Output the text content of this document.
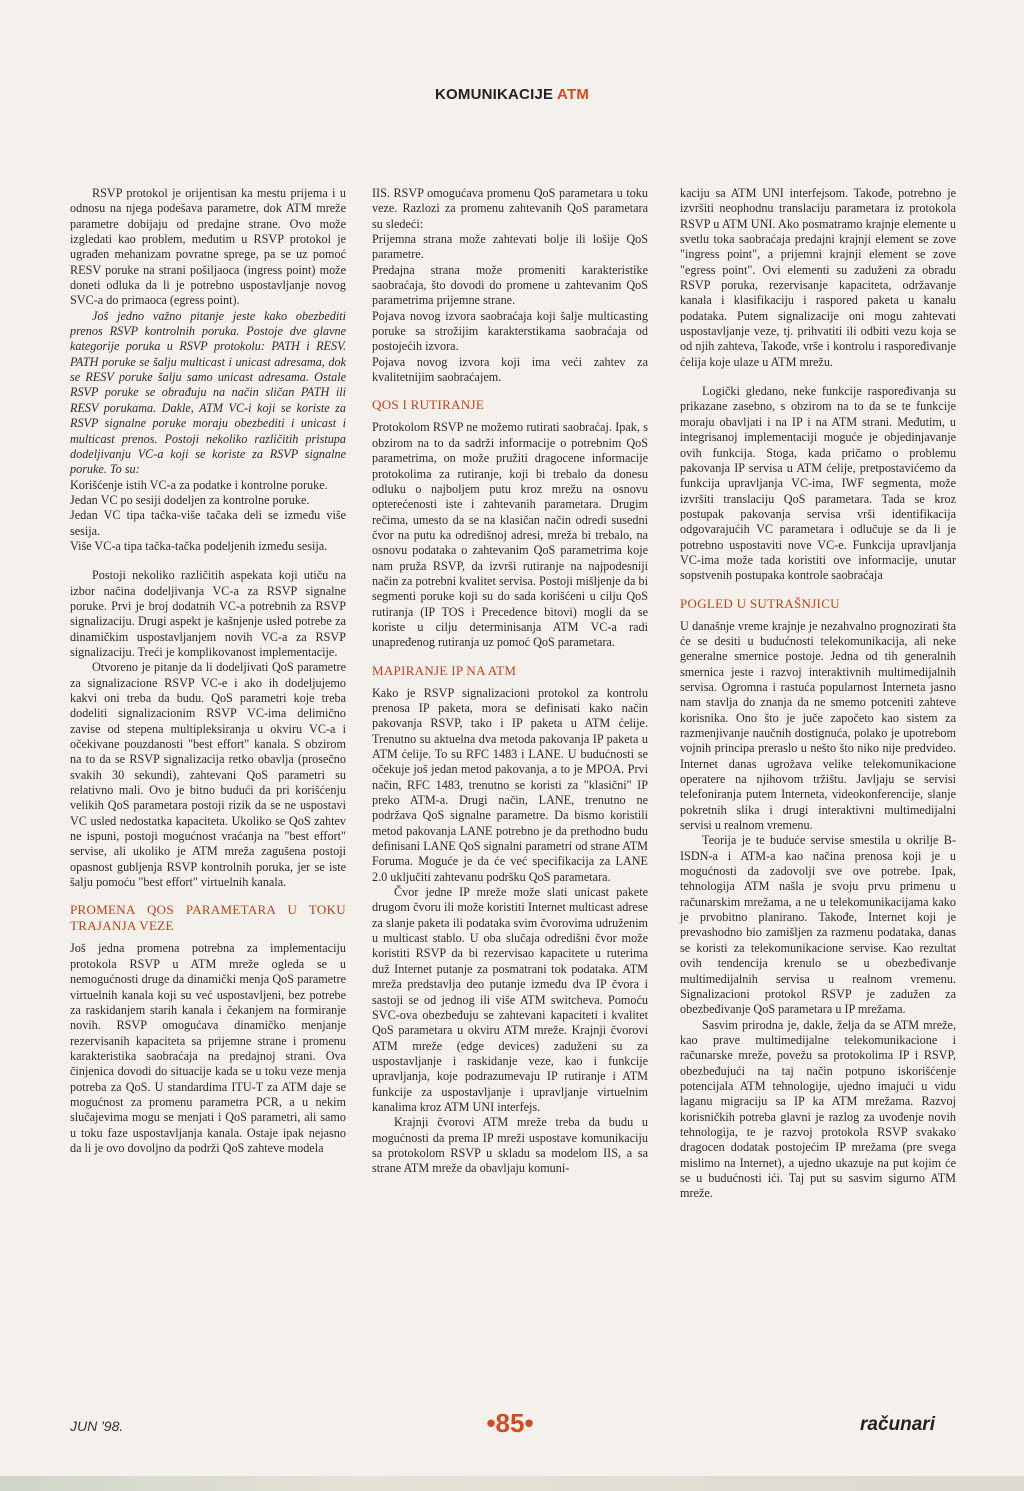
KOMUNIKACIJE ATM

RSVP protokol je orijentisan ka mestu prijema i u odnosu na njega podešava parametre, dok ATM mreže parametre dobijaju od predajne strane. Ovo može izgledati kao problem, međutim u RSVP protokol je ugrađen mehanizam povratne sprege, pa se uz pomoć RESV poruke na strani pošiljaoca (ingress point) može doneti odluka da li je potrebno uspostavljanje novog SVC-a do primaoca (egress point).

Još jedno važno pitanje jeste kako obezbediti prenos RSVP kontrolnih poruka. Postoje dve glavne kategorije poruka u RSVP protokolu: PATH i RESV. PATH poruke se šalju multicast i unicast adresama, dok se RESV poruke šalju samo unicast adresama. Ostale RSVP poruke se obrađuju na način sličan PATH ili RESV porukama. Dakle, ATM VC-i koji se koriste za RSVP signalne poruke moraju obezbediti i unicast i multicast prenos. Postoji nekoliko različitih pristupa dodeljivanju VC-a koji se koriste za RSVP signalne poruke. To su:

Korišćenje istih VC-a za podatke i kontrolne poruke.

Jedan VC po sesiji dodeljen za kontrolne poruke.

Jedan VC tipa tačka-više tačaka deli se između više sesija.

Više VC-a tipa tačka-tačka podeljenih između sesija.

Postoji nekoliko različitih aspekata koji utiču na izbor načina dodeljivanja VC-a za RSVP signalne poruke. Prvi je broj dodatnih VC-a potrebnih za RSVP signalizaciju. Drugi aspekt je kašnjenje usled potrebe za dinamičkim uspostavljanjem novih VC-a za RSVP signalizaciju. Treći je komplikovanost implementacije.

Otvoreno je pitanje da li dodeljivati QoS parametre za signalizacione RSVP VC-e i ako ih dodeljujemo kakvi oni treba da budu. QoS parametri koje treba dodeliti signalizacionim RSVP VC-ima delimično zavise od stepena multipleksiranja u okviru VC-a i očekivane pouzdanosti "best effort" kanala. S obzirom na to da se RSVP signalizacija retko obavlja (prosečno svakih 30 sekundi), zahtevani QoS parametri su relativno mali. Ovo je bitno budući da pri korišćenju velikih QoS parametara postoji rizik da se ne uspostavi VC usled nedostatka kapaciteta. Ukoliko se QoS zahtev ne ispuni, postoji mogućnost vraćanja na "best effort" servise, ali ukoliko je ATM mreža zagušena postoji opasnost gubljenja RSVP kontrolnih poruka, jer se iste šalju pomoću "best effort" virtuelnih kanala.

PROMENA QOS PARAMETARA U TOKU TRAJANJA VEZE

Još jedna promena potrebna za implementaciju protokola RSVP u ATM mreže ogleda se u nemogućnosti druge da dinamički menja QoS parametre virtuelnih kanala koji su već uspostavljeni, bez potrebe za raskidanjem starih kanala i čekanjem na formiranje novih. RSVP omogućava dinamičko menjanje rezervisanih kapaciteta sa prijemne strane i promenu karakteristika saobraćaja na predajnoj strani. Ova činjenica dovodi do situacije kada se u toku veze menja potreba za QoS. U standardima ITU-T za ATM daje se mogućnost za promenu parametra PCR, a u nekim slučajevima mogu se menjati i QoS parametri, ali samo u toku faze uspostavljanja kanala. Ostaje ipak nejasno da li je ovo dovoljno da podrži QoS zahteve modela

IIS. RSVP omogućava promenu QoS parametara u toku veze. Razlozi za promenu zahtevanih QoS parametara su sledeći:

Prijemna strana može zahtevati bolje ili lošije QoS parametre.

Predajna strana može promeniti karakteristike saobraćaja, što dovodi do promene u zahtevanim QoS parametrima prijemne strane.

Pojava novog izvora saobraćaja koji šalje multicasting poruke sa strožijim karakterstikama saobraćaja od postojećih izvora.

Pojava novog izvora koji ima veći zahtev za kvalitetnijim saobraćajem.

QOS I RUTIRANJE

Protokolom RSVP ne možemo rutirati saobraćaj. Ipak, s obzirom na to da sadrži informacije o potrebnim QoS parametrima, on može pružiti dragocene informacije protokolima za rutiranje, koji bi trebalo da donesu odluku o najboljem putu kroz mrežu na osnovu opterećenosti iste i zahtevanih parametara. Drugim rečima, umesto da se na klasičan način odredi susedni čvor na putu ka odredišnoj adresi, mreža bi trebalo, na osnovu podataka o zahtevanim QoS parametrima koje nam pruža RSVP, da izvrši rutiranje na najpodesniji način za potrebni kvalitet servisa. Postoji mišljenje da bi segmenti poruke koji su do sada korišćeni u cilju QoS rutiranja (IP TOS i Precedence bitovi) mogli da se koriste u cilju determinisanja ATM VC-a radi unapređenog rutiranja uz pomoć QoS parametara.

MAPIRANJE IP NA ATM

Kako je RSVP signalizacioni protokol za kontrolu prenosa IP paketa, mora se definisati kako način pakovanja RSVP, tako i IP paketa u ATM ćelije. Trenutno su aktuelna dva metoda pakovanja IP paketa u ATM ćelije. To su RFC 1483 i LANE. U budućnosti se očekuje još jedan metod pakovanja, a to je MPOA. Prvi način, RFC 1483, trenutno se koristi za "klasični" IP preko ATM-a. Drugi način, LANE, trenutno ne podržava QoS signalne parametre. Da bismo koristili metod pakovanja LANE potrebno je da prethodno budu definisani LANE QoS signalni parametri od strane ATM Foruma. Moguće je da će već specifikacija za LANE 2.0 uključiti zahtevanu podršku QoS parametara.

Čvor jedne IP mreže može slati unicast pakete drugom čvoru ili može koristiti Internet multicast adrese za slanje paketa ili podataka svim čvorovima udruženim u multicast stablo. U oba slučaja odredišni čvor može koristiti RSVP da bi rezervisao kapacitete u ruterima duž Internet putanje za posmatrani tok podataka. ATM mreža predstavlja deo putanje između dva IP čvora i sastoji se od jednog ili više ATM switcheva. Pomoću SVC-ova obezbeđuju se zahtevani kapaciteti i kvalitet QoS parametara u okviru ATM mreže. Krajnji čvorovi ATM mreže (edge devices) zaduženi su za uspostavljanje i raskidanje veze, kao i funkcije upravljanja, koje podrazumevaju IP rutiranje i ATM funkcije za uspostavljanje i upravljanje virtuelnim kanalima kroz ATM UNI interfejs.

Krajnji čvorovi ATM mreže treba da budu u mogućnosti da prema IP mreži uspostave komunikaciju sa protokolom RSVP u skladu sa modelom IIS, a sa strane ATM mreže da obavljaju komuni-

kaciju sa ATM UNI interfejsom. Takođe, potrebno je izvršiti neophodnu translaciju parametara iz protokola RSVP u ATM UNI. Ako posmatramo krajnje elemente u svetlu toka saobraćaja predajni krajnji element se zove "ingress point", a prijemni krajnji element se zove "egress point". Ovi elementi su zaduženi za obradu RSVP poruka, rezervisanje kapaciteta, održavanje kanala i klasifikaciju i raspored paketa u kanalu podataka. Putem signalizacije oni mogu zahtevati uspostavljanje veze, tj. prihvatiti ili odbiti vezu koja se od njih zahteva, Takođe, vrše i kontrolu i raspoređivanje ćelija koje ulaze u ATM mrežu.

Logički gledano, neke funkcije raspoređivanja su prikazane zasebno, s obzirom na to da se te funkcije moraju obavljati i na IP i na ATM strani. Međutim, u integrisanoj implementaciji moguće je objedinjavanje ovih funkcija. Stoga, kada pričamo o problemu pakovanja IP servisa u ATM ćelije, pretpostavićemo da funkcija upravljanja VC-ima, IWF segmenta, može izvršiti translaciju QoS parametara. Tada se kroz postupak pakovanja servisa vrši identifikacija odgovarajućih VC parametara i odlučuje se da li je potrebno uspostaviti nove VC-e. Funkcija upravljanja VC-ima može tada koristiti ove informacije, unutar sopstvenih postupaka kontrole saobraćaja

POGLED U SUTRAŠNJICU

U današnje vreme krajnje je nezahvalno prognozirati šta će se desiti u budućnosti telekomunikacija, ali neke generalne smernice postoje. Jedna od tih generalnih smernica jeste i razvoj interaktivnih multimedijalnih servisa. Ogromna i rastuća popularnost Interneta jasno nam stavlja do znanja da ne smemo potceniti zahteve korisnika. Ono što je juče započeto kao sistem za razmenjivanje naučnih dostignuća, polako je upotrebom vojnih principa preraslo u nešto što niko nije predvideo. Internet danas ugrožava velike telekomunikacione operatere na njihovom tržištu. Javljaju se servisi telefoniranja putem Interneta, videokonferencije, slanje pokretnih slika i drugi interaktivni multimedijalni servisi u realnom vremenu.

Teorija je te buduće servise smestila u okrilje B-ISDN-a i ATM-a kao načina prenosa koji je u mogućnosti da zadovolji sve ove potrebe. Ipak, tehnologija ATM našla je svoju prvu primenu u računarskim mrežama, a ne u telekomunikacijama kako je prvobitno planirano. Takođe, Internet koji je prevashodno bio zamišljen za razmenu podataka, danas se koristi za telekomunikacione servise. Kao rezultat ovih tendencija krenulo se u obezbeđivanje multimedijalnih servisa u realnom vremenu. Signalizacioni protokol RSVP je zadužen za obezbeđivanje QoS parametara u IP mrežama.

Sasvim prirodna je, dakle, želja da se ATM mreže, kao prave multimedijalne telekomunikacione i računarske mreže, povežu sa protokolima IP i RSVP, obezbeđujući na taj način potpuno iskorišćenje potencijala ATM tehnologije, ujedno imajući u vidu laganu migraciju sa IP ka ATM mrežama. Razvoj korisničkih potreba glavni je razlog za uvođenje novih tehnologija, te je razvoj protokola RSVP svakako dragocen dodatak postojećim IP mrežama (pre svega mislimo na Internet), a ujedno ukazuje na put kojim će se u budućnosti ići. Taj put su sasvim sigurno ATM mreže.

JUN '98.	•85•	računari
